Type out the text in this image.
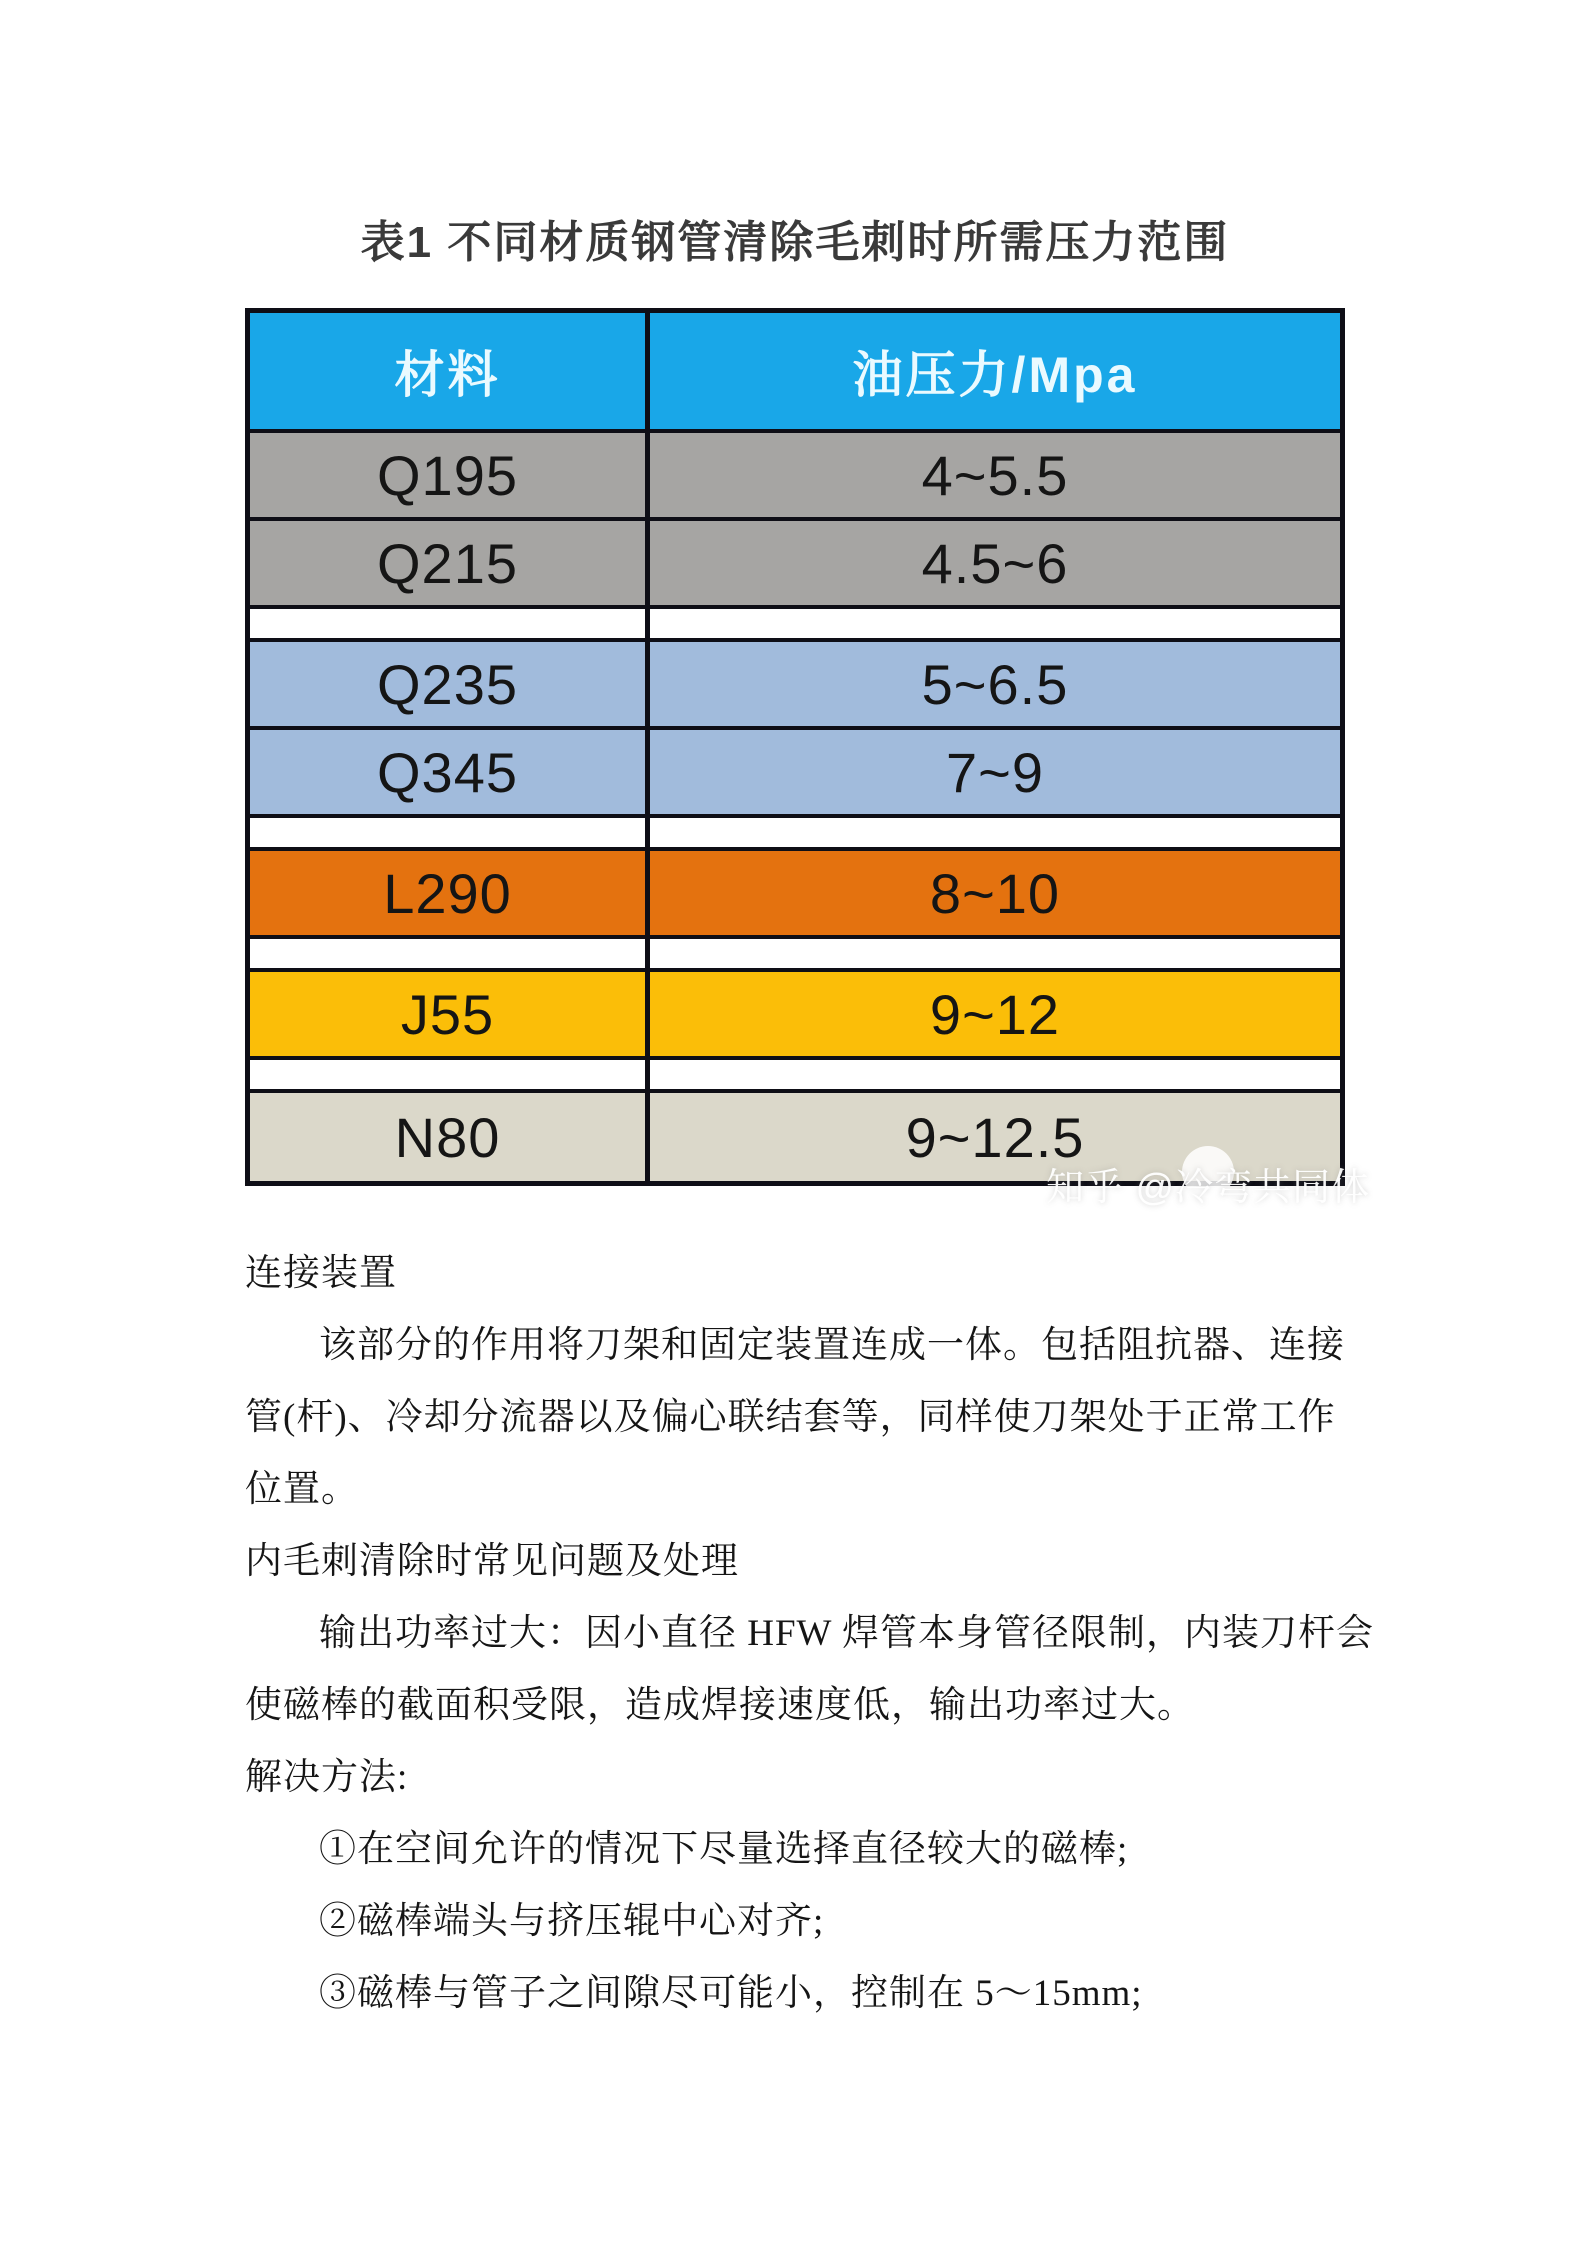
表1 不同材质钢管清除毛刺时所需压力范围
材料	油压力/Mpa
Q195	4~5.5
Q215	4.5~6
Q235	5~6.5
Q345	7~9
L290	8~10
J55	9~12
N80	9~12.5
知乎 @冷弯共同体
连接装置
该部分的作用将刀架和固定装置连成一体。包括阻抗器、连接
管(杆)、冷却分流器以及偏心联结套等，同样使刀架处于正常工作
位置。
内毛刺清除时常见问题及处理
输出功率过大：因小直径 HFW 焊管本身管径限制，内装刀杆会
使磁棒的截面积受限，造成焊接速度低，输出功率过大。
解决方法:
①在空间允许的情况下尽量选择直径较大的磁棒;
②磁棒端头与挤压辊中心对齐;
③磁棒与管子之间隙尽可能小，控制在 5～15mm;
